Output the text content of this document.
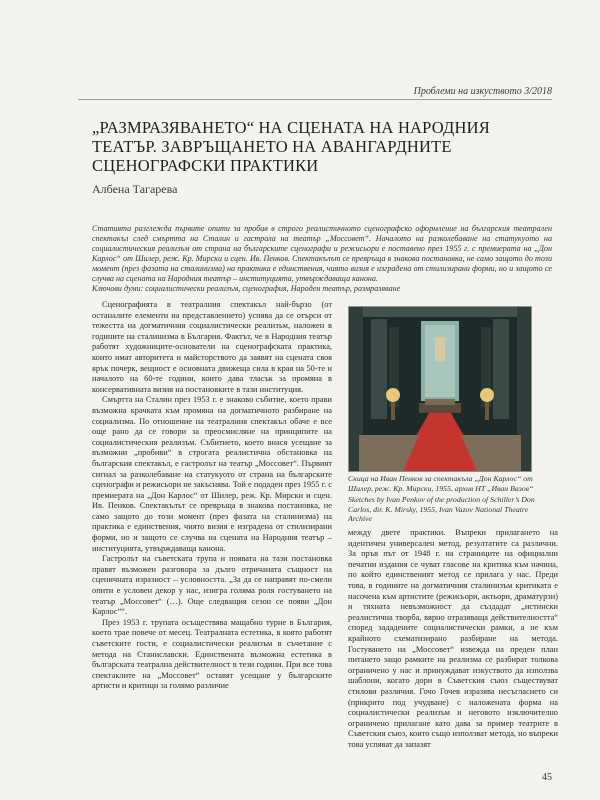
Проблеми на изкуството 3/2018
„РАЗМРАЗЯВАНЕТО“ НА СЦЕНАТА НА НАРОДНИЯ ТЕАТЪР. ЗАВРЪЩАНЕТО НА АВАНГАРДНИТЕ СЦЕНОГРАФСКИ ПРАКТИКИ
Албена Тагарева

Статията разглежда първите опити за пробив в строго реалистичното сценографско оформление на българския театрален спектакъл след смъртта на Сталин и гастрола на театър „Моссовет“. Началото на разколебаване на статукуото на социалистическия реализъм от страна на българските сценографи и режисьори е поставено през 1955 г. с премиерата на „Дон Карлос“ от Шилер, реж. Кр. Мирски и сцен. Ив. Пенков. Спектакълът се превръща в знакова постановка, не само защото до този момент (през фазата на сталинизма) на практика е единствения, чиято визия е изградена от стилизирани форми, но и защото се случва на сцената на Народния театър – институцията, утвърждаваща канона.

Ключови думи: социалистически реализъм, сценография, Народен театър, размразяване

Сценографията в театралния спектакъл най-бързо (от останалите елементи на представлението) успява да се отърси от тежестта на догматичния социалистически реализъм, наложен в годините на сталинизма в България. Фактът, че в Народния театър работят художниците-основатели на сценографската практика, които имат авторитета и майсторството да заявят на сцената своя ярък почерк, вещност е основната движеща сила в края на 50-те и началото на 60-те години, които дава тласък за промяна в консервативната визия на постановките в тази институция.

Смъртта на Сталин през 1953 г. е знаково събитие, което прави възможна крачката към промяна на догматичното разбиране на социализма. По отношение на театралния спектакъл обаче е все още рано да се говори за преосмисляне на принципите на социалистическия реализъм. Събитието, което внася усещане за възможни „пробиви“ в строгата реалистична обстановка на българския спектакъл, е гастролът на театър „Моссовет“. Първият сигнал за разколебаване на статукуото от страна на българските сценографи и режисьори не закъснява. Той е подаден през 1955 г. с премиерата на „Дон Карлос“ от Шилер, реж. Кр. Мирски и сцен. Ив. Пенков. Спектакълът се превръща в знакова постановка, не само защото до този момент (през фазата на сталинизма) на практика е единствения, чиято визия е изградена от стилизирани форми, но и защото се случва на сцената на Народния театър – институцията, утвърждаваща канона.

Гастролът на съветската трупа и появата на тази постановка правят възможен разговора за дълго отричаната същност на сценичната изразност – условността. „За да се направят по-смели опити е условен декор у нас, изигра голяма роля гостуването на театър „Моссовет“ (…). Още следващия сезон се появи „Дон Карлос““.

През 1953 г. трупата осъществява мащабно турне в България, което трае повече от месец. Театралната естетика, в която работят съветските гости, е социалистически реализъм в съчетание с метода на Станиславски. Единствената възможна естетика в българската театрална действителност в тези години. При все това спектаклите на „Моссовет“ оставят усещане у българските артисти и критици за голямо различие

Скица на Иван Пенков за спектакъла „Дон Карлос“ от Шилер, реж. Кр. Мирски, 1955, архив НТ „Иван Вазов“
Sketches by Ivan Penkov of the production of Schiller’s Don Carlos, dir. K. Mirsky, 1955, Ivan Vazov National Theatre Archive

между двете практики. Въпреки прилагането на идентичен универсален метод, резултатите са различни. За пръв път от 1948 г. на страниците на официални печатни издания се чуват гласове на критика към начина, по който единственият метод се прилага у нас. Преди това, в годините на догматичния сталинизъм критиката е насочена към артистите (режисьори, актьори, драматурзи) и тяхната невъзможност да създадат „истински реалистична творба, вярно отразяваща действителността“ според зададените социалистически рамки, а не към крайното схематизирано разбиране на метода. Гостуването на „Моссовет“ извежда на преден план питането защо рамките на реализма се разбират толкова ограничено у нас и принуждават изкуството да използва шаблони, когато дори в Съветския съюз съществуват стилови различия. Гочо Гочев изразява несъгласието си (прикрито под учудване) с наложената форма на социалистически реализъм и неговото изключително ограничено прилагане като дава за пример театрите в Съветския съюз, които също използват метода, но въпреки това успяват да запазят

45
